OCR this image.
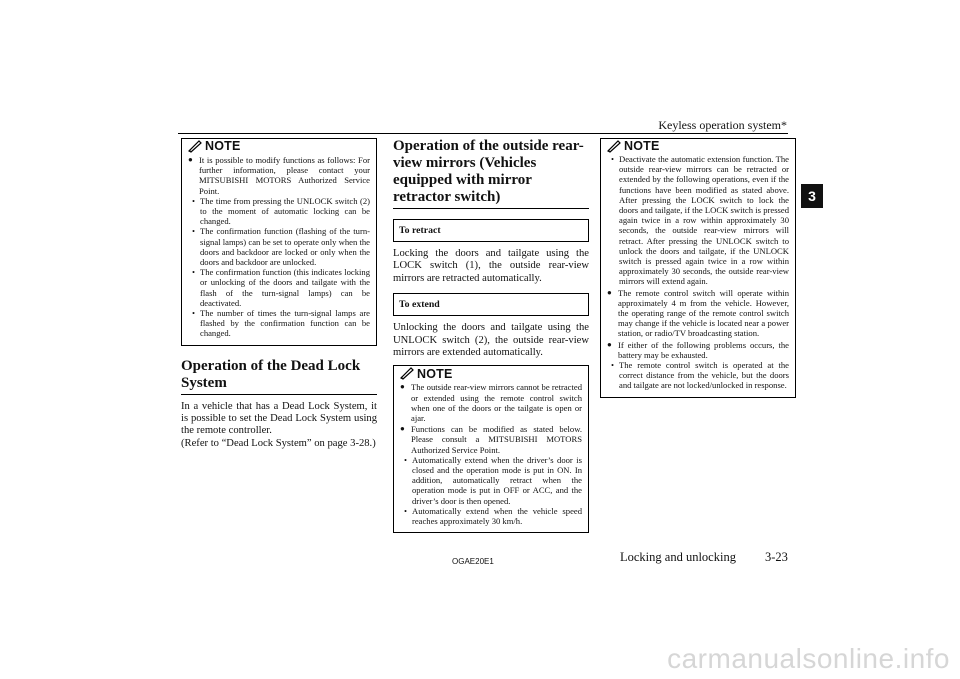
Keyless operation system*
3
NOTE
● It is possible to modify functions as follows: For further information, please contact your MITSUBISHI MOTORS Authorized Service Point.
• The time from pressing the UNLOCK switch (2) to the moment of automatic locking can be changed.
• The confirmation function (flashing of the turn-signal lamps) can be set to operate only when the doors and backdoor are locked or only when the doors and backdoor are unlocked.
• The confirmation function (this indicates locking or unlocking of the doors and tailgate with the flash of the turn-signal lamps) can be deactivated.
• The number of times the turn-signal lamps are flashed by the confirmation function can be changed.
Operation of the Dead Lock System
In a vehicle that has a Dead Lock System, it is possible to set the Dead Lock System using the remote controller.
(Refer to “Dead Lock System” on page 3-28.)
Operation of the outside rear-view mirrors (Vehicles equipped with mirror retractor switch)
To retract
Locking the doors and tailgate using the LOCK switch (1), the outside rear-view mirrors are retracted automatically.
To extend
Unlocking the doors and tailgate using the UNLOCK switch (2), the outside rear-view mirrors are extended automatically.
NOTE
● The outside rear-view mirrors cannot be retracted or extended using the remote control switch when one of the doors or the tailgate is open or ajar.
● Functions can be modified as stated below. Please consult a MITSUBISHI MOTORS Authorized Service Point.
• Automatically extend when the driver’s door is closed and the operation mode is put in ON. In addition, automatically retract when the operation mode is put in OFF or ACC, and the driver’s door is then opened.
• Automatically extend when the vehicle speed reaches approximately 30 km/h.
NOTE
• Deactivate the automatic extension function. The outside rear-view mirrors can be retracted or extended by the following operations, even if the functions have been modified as stated above. After pressing the LOCK switch to lock the doors and tailgate, if the LOCK switch is pressed again twice in a row within approximately 30 seconds, the outside rear-view mirrors will retract. After pressing the UNLOCK switch to unlock the doors and tailgate, if the UNLOCK switch is pressed again twice in a row within approximately 30 seconds, the outside rear-view mirrors will extend again.
● The remote control switch will operate within approximately 4 m from the vehicle. However, the operating range of the remote control switch may change if the vehicle is located near a power station, or radio/TV broadcasting station.
● If either of the following problems occurs, the battery may be exhausted.
• The remote control switch is operated at the correct distance from the vehicle, but the doors and tailgate are not locked/unlocked in response.
OGAE20E1	Locking and unlocking 3-23
carmanualsonline.info
